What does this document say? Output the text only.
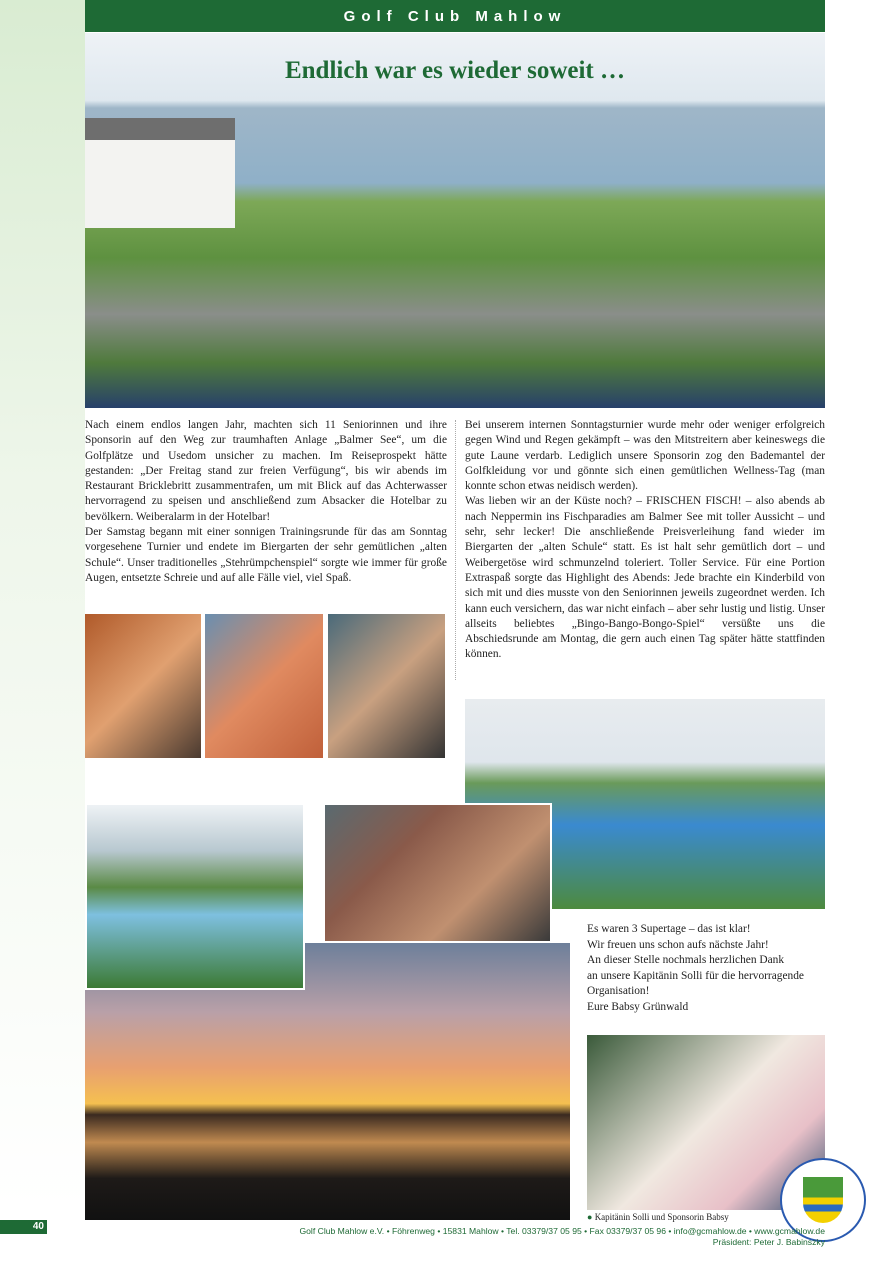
Golf Club Mahlow
Endlich war es wieder soweit …

Nach einem endlos langen Jahr, machten sich 11 Seniorinnen und ihre Sponsorin auf den Weg zur traumhaften Anlage „Balmer See“, um die Golfplätze und Usedom unsicher zu machen. Im Reiseprospekt hätte gestanden: „Der Freitag stand zur freien Verfügung“, bis wir abends im Restaurant Bricklebritt zusammentrafen, um mit Blick auf das Achterwasser hervorragend zu speisen und anschließend zum Absacker die Hotelbar zu bevölkern. Weiberalarm in der Hotelbar!

Der Samstag begann mit einer sonnigen Trainingsrunde für das am Sonntag vorgesehene Turnier und endete im Biergarten der sehr gemütlichen „alten Schule“. Unser traditionelles „Stehrümpchenspiel“ sorgte wie immer für große Augen, entsetzte Schreie und auf alle Fälle viel, viel Spaß.

Bei unserem internen Sonntagsturnier wurde mehr oder weniger erfolgreich gegen Wind und Regen gekämpft – was den Mitstreitern aber keineswegs die gute Laune verdarb. Lediglich unsere Sponsorin zog den Bademantel der Golfkleidung vor und gönnte sich einen gemütlichen Wellness-Tag (man konnte schon etwas neidisch werden).

Was lieben wir an der Küste noch? – FRISCHEN FISCH! – also abends ab nach Neppermin ins Fischparadies am Balmer See mit toller Aussicht – und sehr, sehr lecker! Die anschließende Preisverleihung fand wieder im Biergarten der „alten Schule“ statt. Es ist halt sehr gemütlich dort – und Weibergetöse wird schmunzelnd toleriert. Toller Service. Für eine Portion Extraspaß sorgte das Highlight des Abends: Jede brachte ein Kinderbild von sich mit und dies musste von den Seniorinnen jeweils zugeordnet werden. Ich kann euch versichern, das war nicht einfach – aber sehr lustig und listig. Unser allseits beliebtes „Bingo-Bango-Bongo-Spiel“ versüßte uns die Abschiedsrunde am Montag, die gern auch einen Tag später hätte stattfinden können.

Es waren 3 Supertage – das ist klar!
Wir freuen uns schon aufs nächste Jahr!
An dieser Stelle nochmals herzlichen Dank
an unsere Kapitänin Solli für die hervorragende Organisation!
Eure Babsy Grünwald
● Kapitänin Solli und Sponsorin Babsy
40	Golf Club Mahlow e.V. • Föhrenweg • 15831 Mahlow • Tel. 03379/37 05 95 • Fax 03379/37 05 96 • info@gcmahlow.de • www.gcmahlow.de
Präsident: Peter J. Babinszky
